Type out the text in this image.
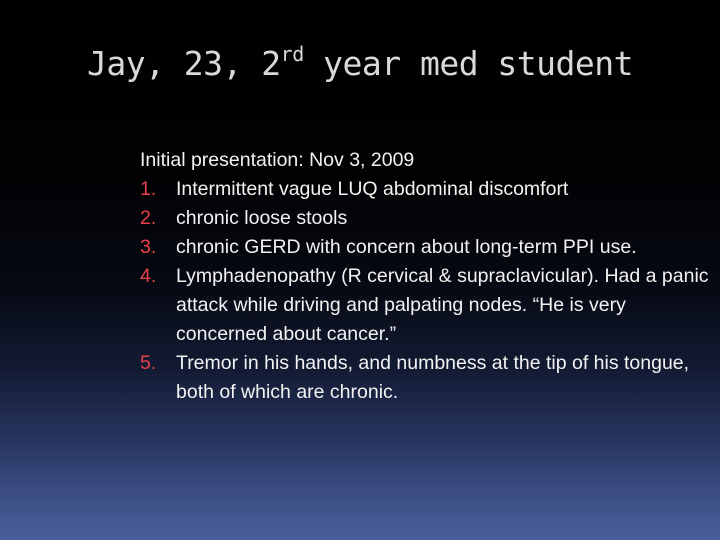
Jay, 23, 2rd year med student
Initial presentation: Nov 3, 2009
1.	Intermittent vague LUQ abdominal discomfort
2.	chronic loose stools
3.	chronic GERD with concern about long-term PPI use.
4.	Lymphadenopathy (R cervical & supraclavicular). Had a panic attack while driving and palpating nodes. “He is very concerned about cancer.”
5.	Tremor in his hands, and numbness at the tip of his tongue, both of which are chronic.
